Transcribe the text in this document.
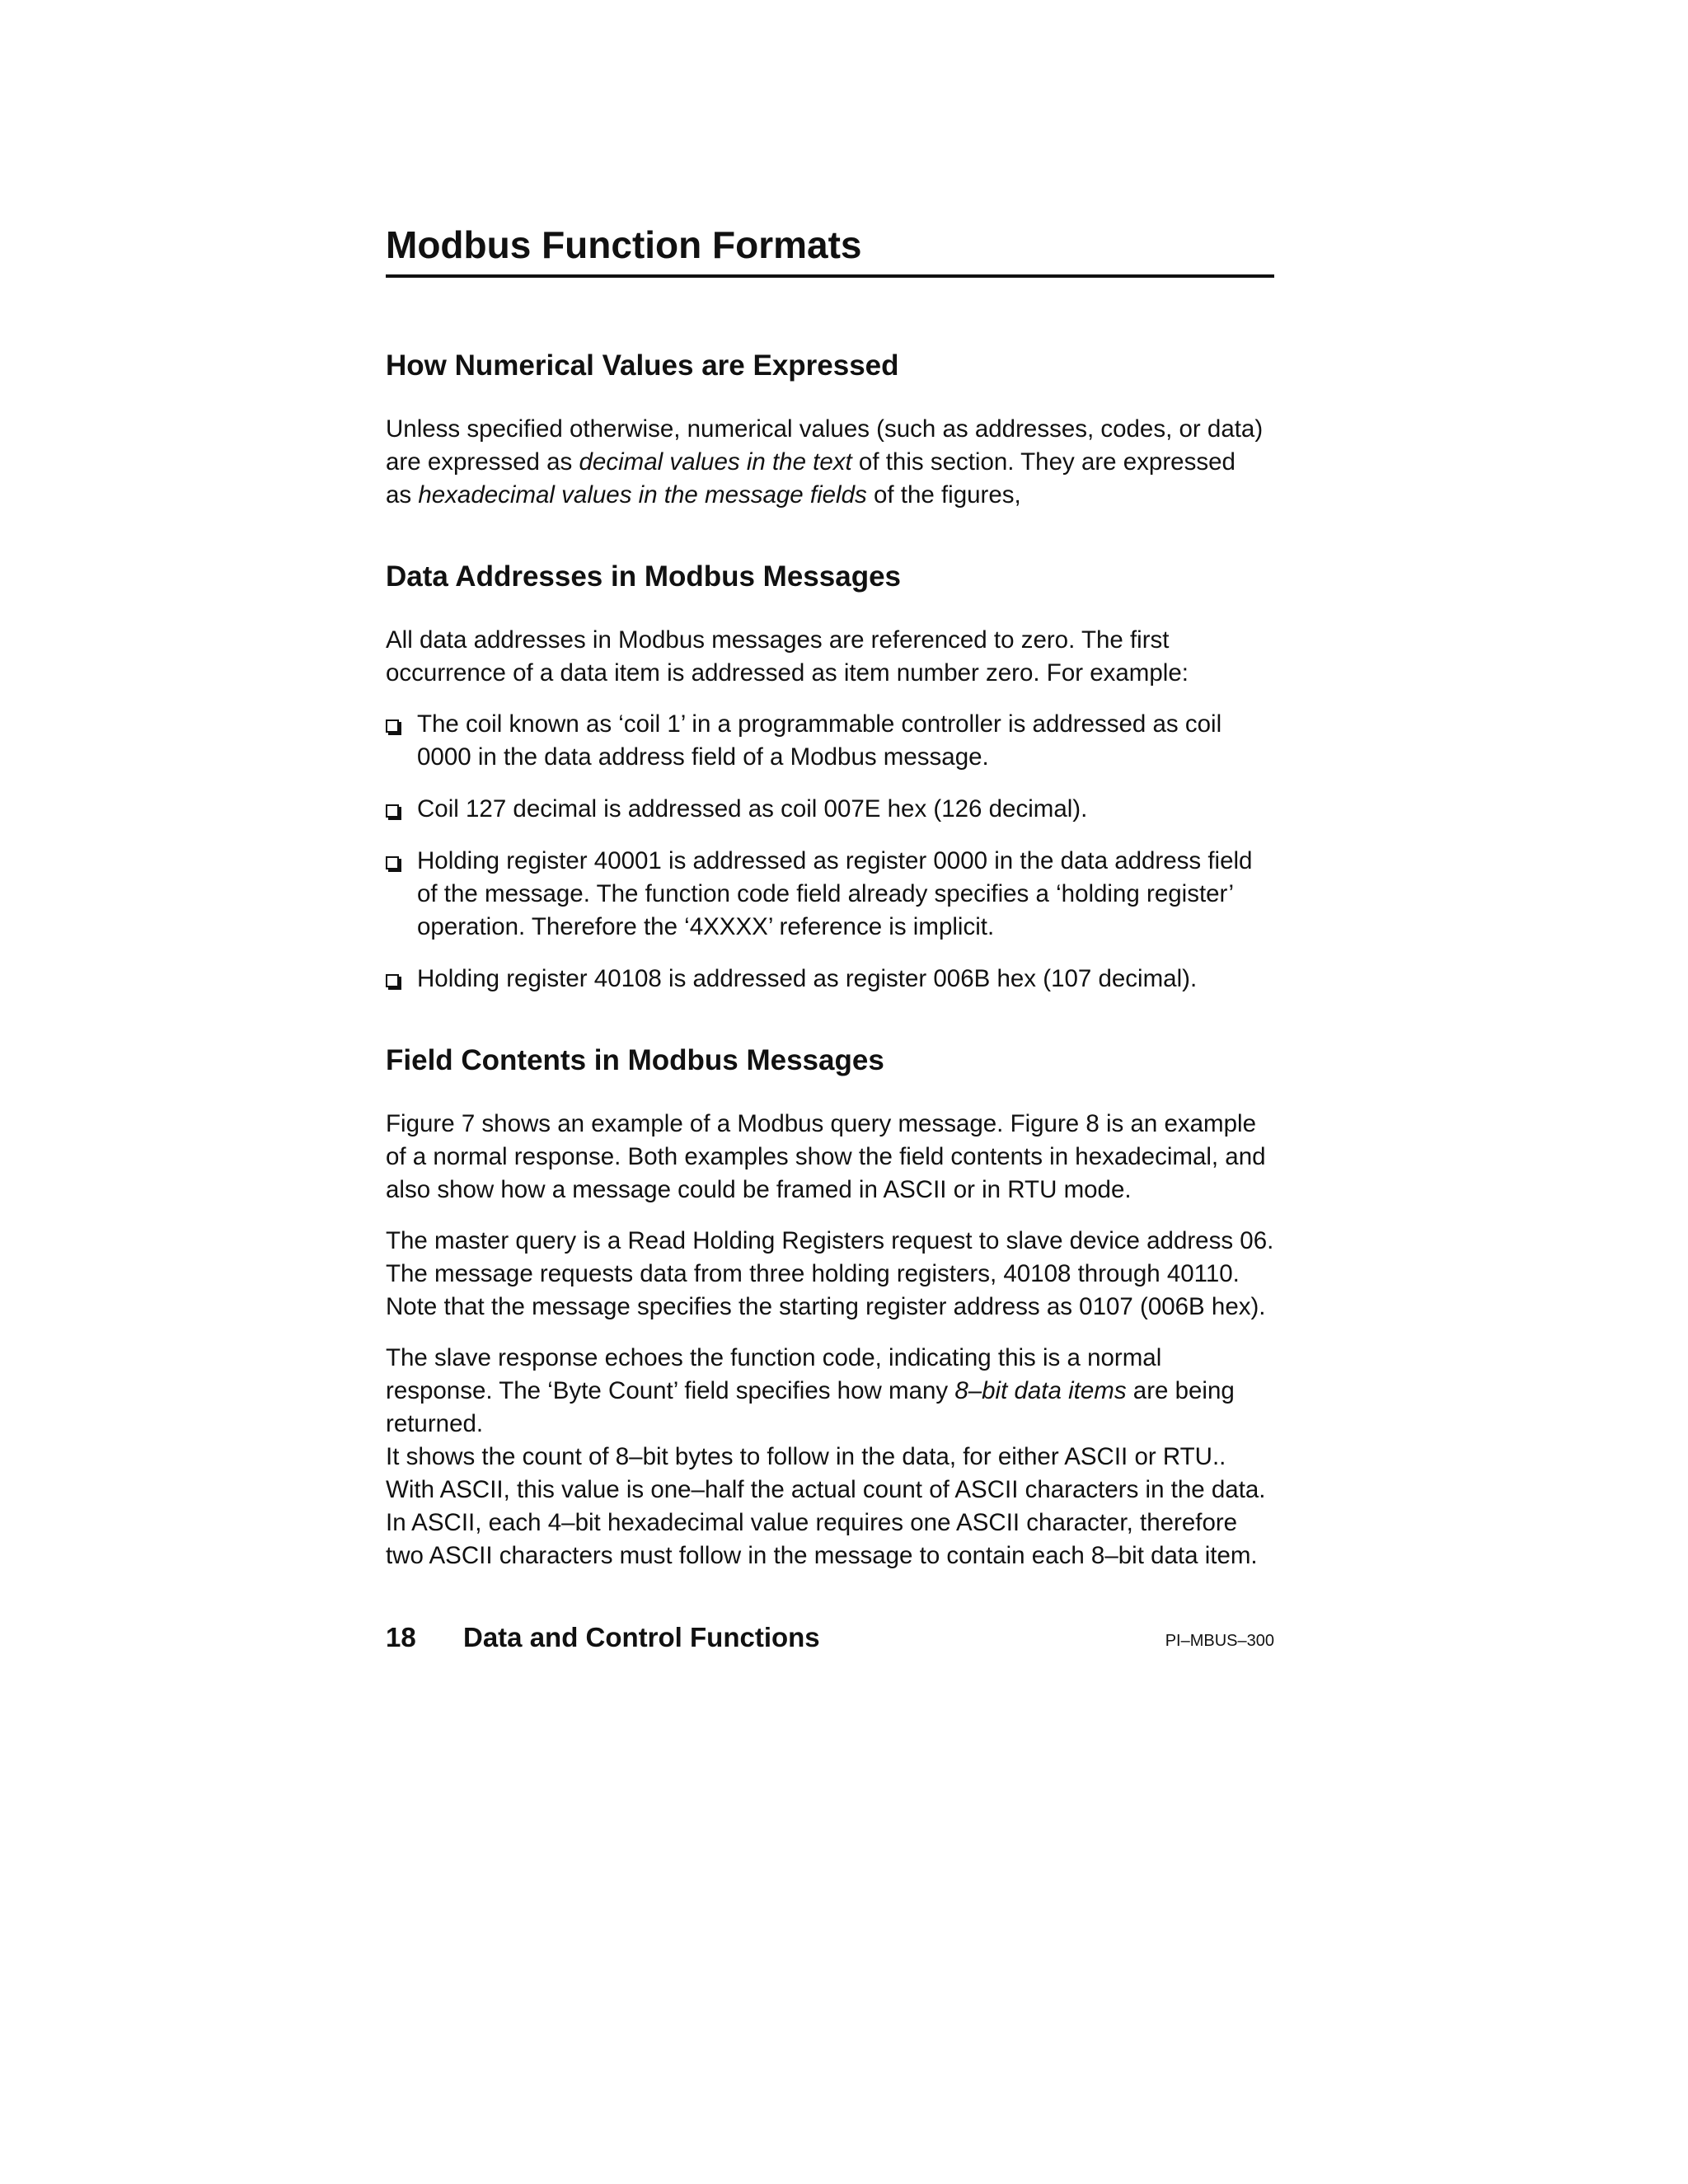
Modbus Function Formats
How Numerical Values are Expressed

Unless specified otherwise, numerical values (such as addresses, codes, or data)
are expressed as decimal values in the text of this section. They are expressed
as hexadecimal values in the message fields of the figures,

Data Addresses in Modbus Messages

All data addresses in Modbus messages are referenced to zero. The first
occurrence of a data item is addressed as item number zero. For example:

The coil known as ‘coil 1’ in a programmable controller is addressed as coil
0000 in the data address field of a Modbus message.
Coil 127 decimal is addressed as coil 007E hex (126 decimal).
Holding register 40001 is addressed as register 0000 in the data address field
of the message. The function code field already specifies a ‘holding register’
operation. Therefore the ‘4XXXX’ reference is implicit.
Holding register 40108 is addressed as register 006B hex (107 decimal).
Field Contents in Modbus Messages

Figure 7 shows an example of a Modbus query message. Figure 8 is an example
of a normal response. Both examples show the field contents in hexadecimal, and
also show how a message could be framed in ASCII or in RTU mode.

The master query is a Read Holding Registers request to slave device address 06.
The message requests data from three holding registers, 40108 through 40110.
Note that the message specifies the starting register address as 0107 (006B hex).

The slave response echoes the function code, indicating this is a normal
response. The ‘Byte Count’ field specifies how many 8–bit data items are being
returned.
It shows the count of 8–bit bytes to follow in the data, for either ASCII or RTU..
With ASCII, this value is one–half the actual count of ASCII characters in the data.
In ASCII, each 4–bit hexadecimal value requires one ASCII character, therefore
two ASCII characters must follow in the message to contain each 8–bit data item.

18 Data and Control Functions	PI–MBUS–300
